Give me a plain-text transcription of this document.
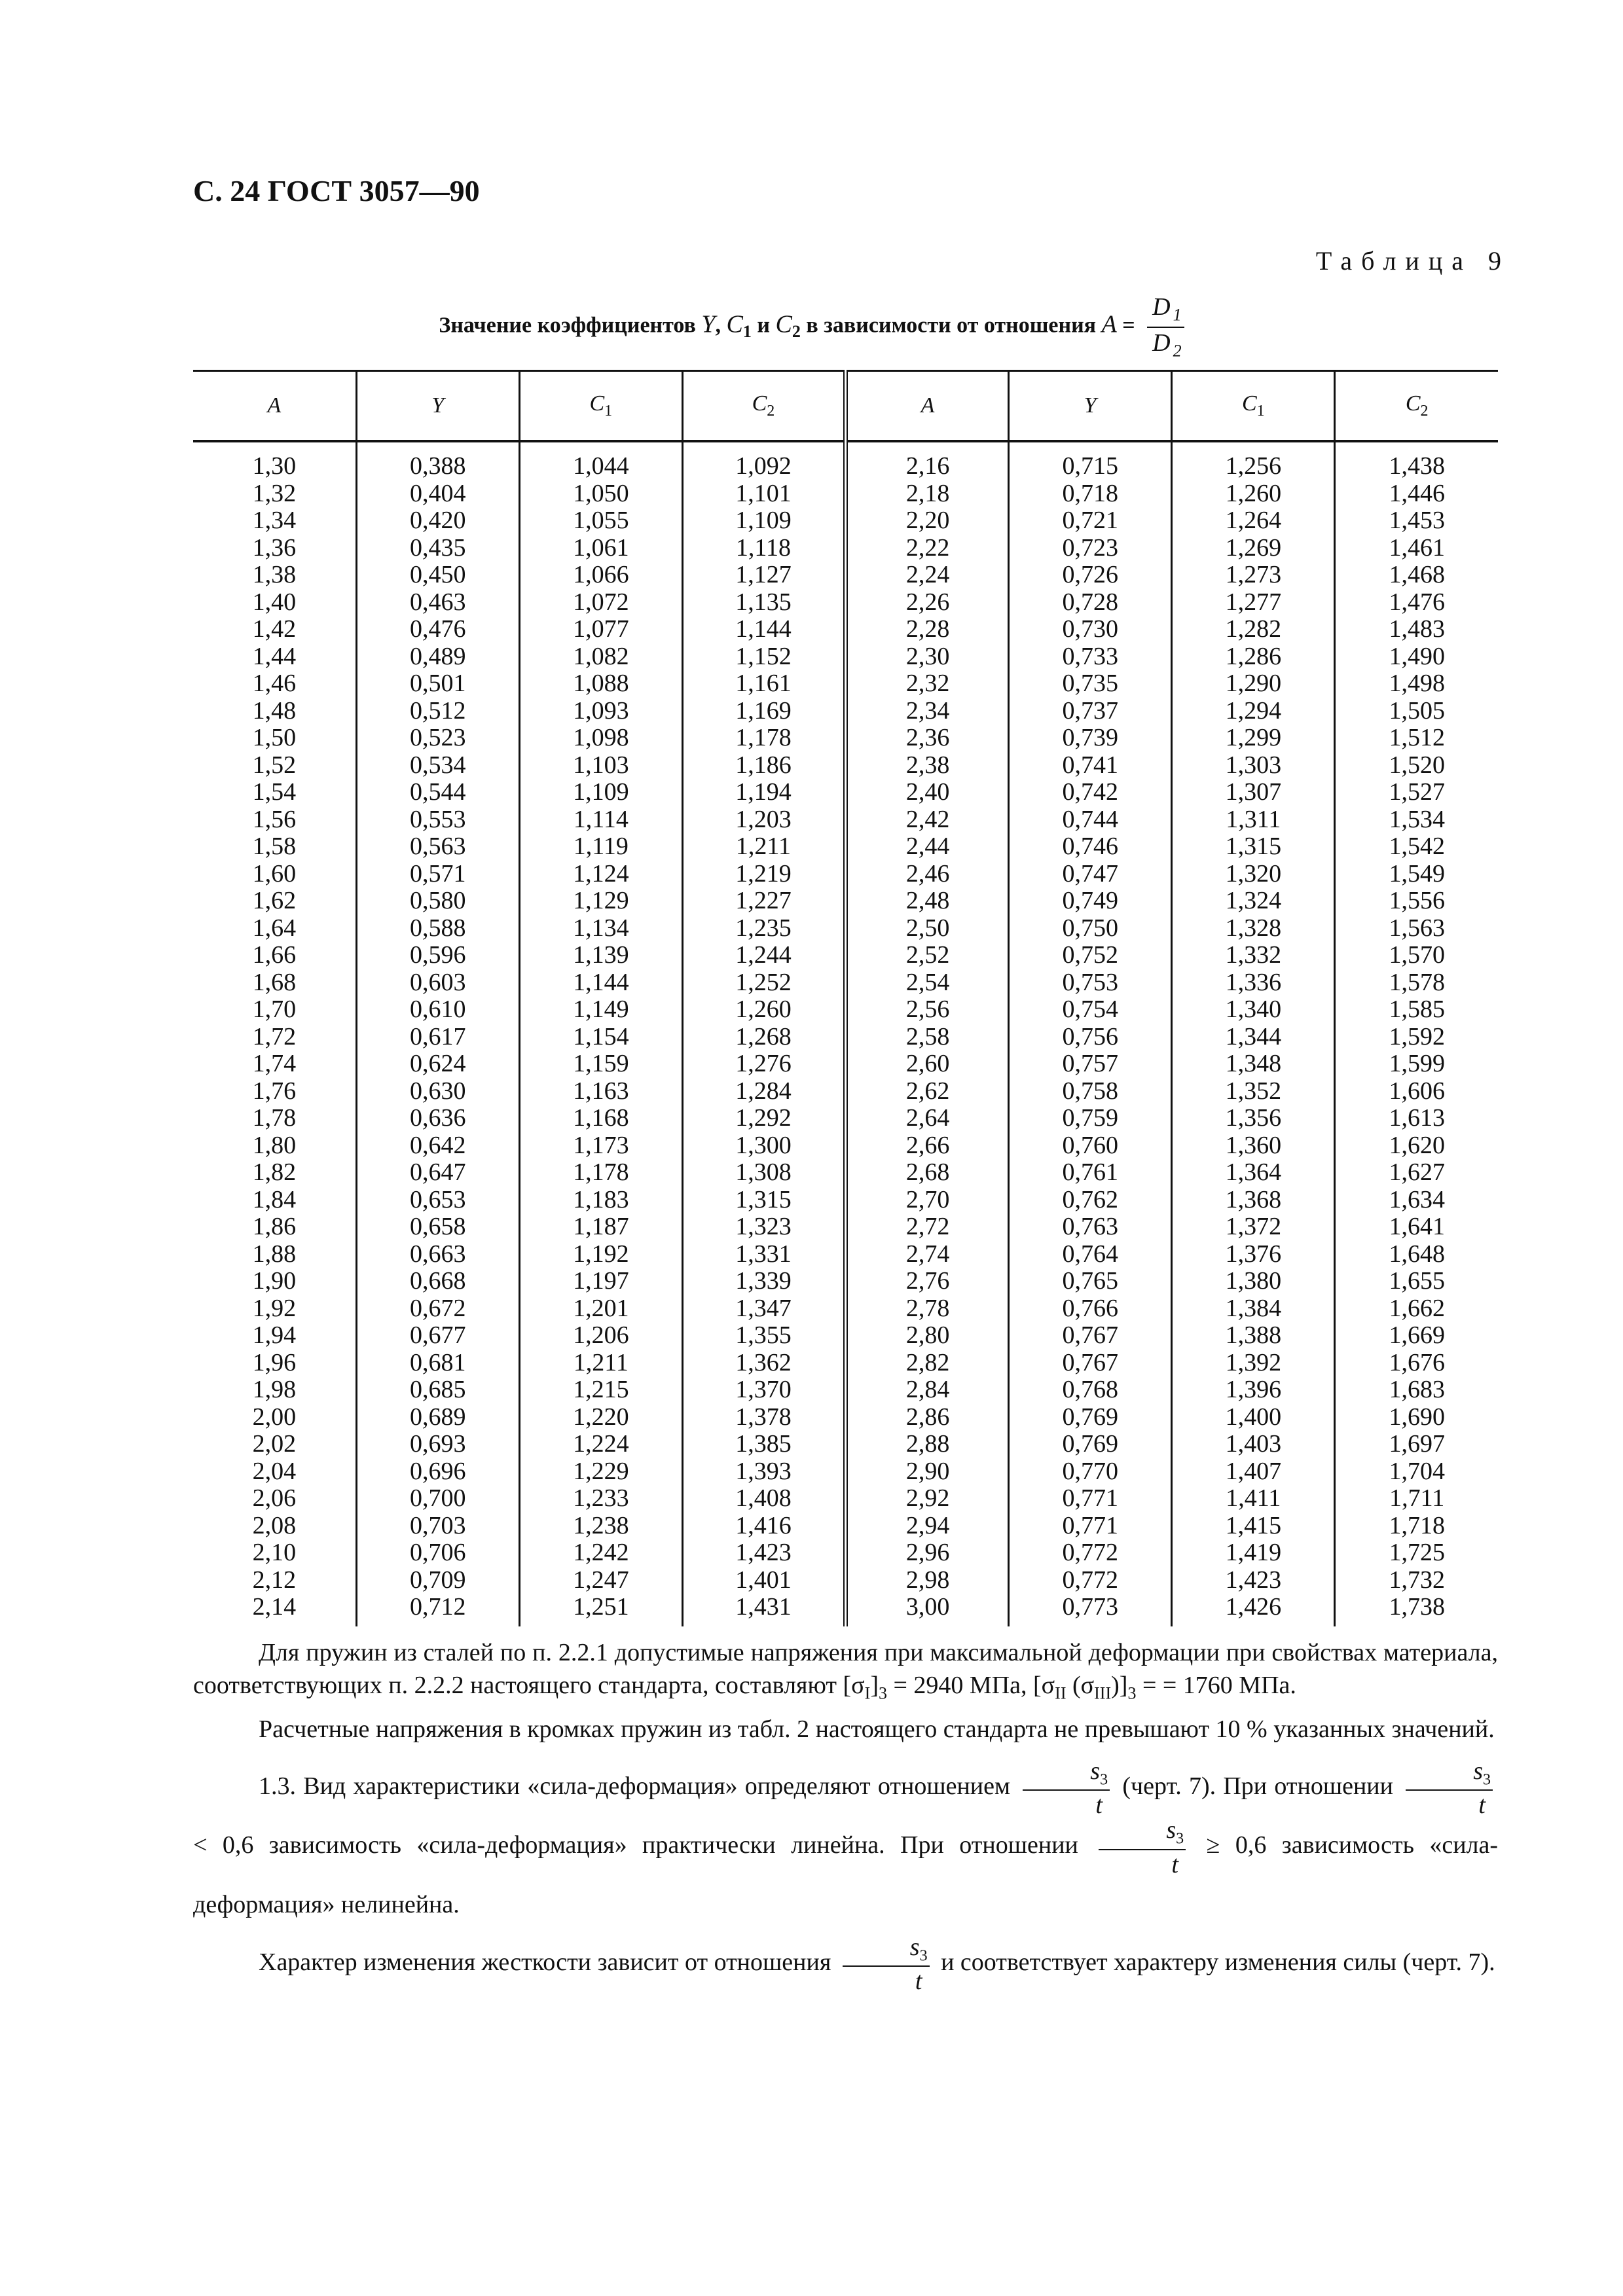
С. 24 ГОСТ 3057—90
Таблица 9
Значение коэффициентов Y, $C_1$ и $C_2$ в зависимости от отношения $A = \frac{D _1}{D _2}$
A	Y	$C_1$	$C_2$	A	Y	$C_1$	$C_2$
1,30	0,388	1,044	1,092	2,16	0,715	1,256	1,438
1,32	0,404	1,050	1,101	2,18	0,718	1,260	1,446
1,34	0,420	1,055	1,109	2,20	0,721	1,264	1,453
1,36	0,435	1,061	1,118	2,22	0,723	1,269	1,461
1,38	0,450	1,066	1,127	2,24	0,726	1,273	1,468
1,40	0,463	1,072	1,135	2,26	0,728	1,277	1,476
1,42	0,476	1,077	1,144	2,28	0,730	1,282	1,483
1,44	0,489	1,082	1,152	2,30	0,733	1,286	1,490
1,46	0,501	1,088	1,161	2,32	0,735	1,290	1,498
1,48	0,512	1,093	1,169	2,34	0,737	1,294	1,505
1,50	0,523	1,098	1,178	2,36	0,739	1,299	1,512
1,52	0,534	1,103	1,186	2,38	0,741	1,303	1,520
1,54	0,544	1,109	1,194	2,40	0,742	1,307	1,527
1,56	0,553	1,114	1,203	2,42	0,744	1,311	1,534
1,58	0,563	1,119	1,211	2,44	0,746	1,315	1,542
1,60	0,571	1,124	1,219	2,46	0,747	1,320	1,549
1,62	0,580	1,129	1,227	2,48	0,749	1,324	1,556
1,64	0,588	1,134	1,235	2,50	0,750	1,328	1,563
1,66	0,596	1,139	1,244	2,52	0,752	1,332	1,570
1,68	0,603	1,144	1,252	2,54	0,753	1,336	1,578
1,70	0,610	1,149	1,260	2,56	0,754	1,340	1,585
1,72	0,617	1,154	1,268	2,58	0,756	1,344	1,592
1,74	0,624	1,159	1,276	2,60	0,757	1,348	1,599
1,76	0,630	1,163	1,284	2,62	0,758	1,352	1,606
1,78	0,636	1,168	1,292	2,64	0,759	1,356	1,613
1,80	0,642	1,173	1,300	2,66	0,760	1,360	1,620
1,82	0,647	1,178	1,308	2,68	0,761	1,364	1,627
1,84	0,653	1,183	1,315	2,70	0,762	1,368	1,634
1,86	0,658	1,187	1,323	2,72	0,763	1,372	1,641
1,88	0,663	1,192	1,331	2,74	0,764	1,376	1,648
1,90	0,668	1,197	1,339	2,76	0,765	1,380	1,655
1,92	0,672	1,201	1,347	2,78	0,766	1,384	1,662
1,94	0,677	1,206	1,355	2,80	0,767	1,388	1,669
1,96	0,681	1,211	1,362	2,82	0,767	1,392	1,676
1,98	0,685	1,215	1,370	2,84	0,768	1,396	1,683
2,00	0,689	1,220	1,378	2,86	0,769	1,400	1,690
2,02	0,693	1,224	1,385	2,88	0,769	1,403	1,697
2,04	0,696	1,229	1,393	2,90	0,770	1,407	1,704
2,06	0,700	1,233	1,408	2,92	0,771	1,411	1,711
2,08	0,703	1,238	1,416	2,94	0,771	1,415	1,718
2,10	0,706	1,242	1,423	2,96	0,772	1,419	1,725
2,12	0,709	1,247	1,401	2,98	0,772	1,423	1,732
2,14	0,712	1,251	1,431	3,00	0,773	1,426	1,738

Для пружин из сталей по п. 2.2.1 допустимые напряжения при максимальной деформации при свойствах материала, соответствующих п. 2.2.2 настоящего стандарта, составляют $[\sigma_I]_3 = 2940$ МПа, [$\sigma_{II}$ $(\sigma_{III})]_3$ = = 1760 МПа.

Расчетные напряжения в кромках пружин из табл. 2 настоящего стандарта не превышают 10 % указанных значений.

1.3. Вид характеристики «сила-деформация» определяют отношением $\frac{s_3}{t}$ (черт. 7). При отношении $\frac{s_3}{t}$
< 0,6 зависимость «сила-деформация» практически линейна. При отношении $\frac{s_3}{t} \ge 0,6$ зависимость «сила-деформация» нелинейна.

Характер изменения жесткости зависит от отношения $\frac{s_3}{t}$ и соответствует характеру изменения силы (черт. 7).
